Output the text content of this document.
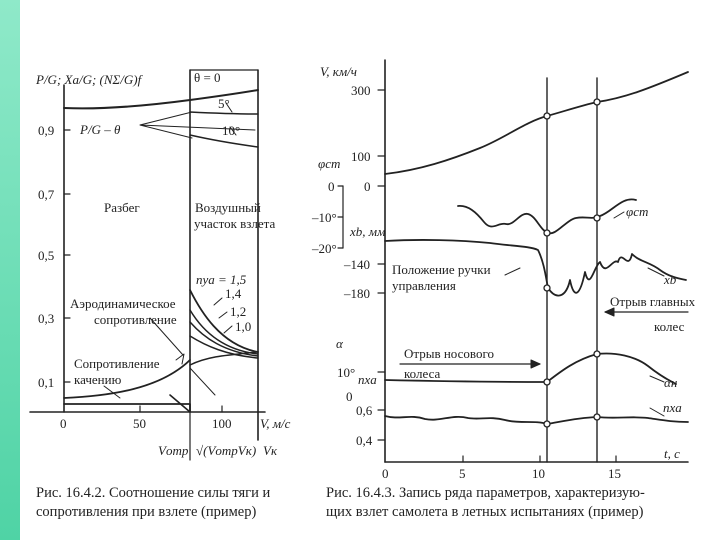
P/G; Xa/G; (NΣ/G)f	θ = 0
5°
10°
P/G – θ
0,9
0,7
0,5
0,3
0,1
0	50	100 V, м/с
Разбег	Воздушный
участок взлета
nya = 1,5
1,4
1,2
1,0
Аэродинамическое
сопротивление
Сопротивление
качению
Vотр √(VотрVк) Vк
V, км/ч
300
100
0
φст
0
–10°
–20°
φст
xb, мм
–140
–180
xb
Положение ручки
управления
Отрыв главных
колес
Отрыв носового
колеса
α
10°
0
αн
nxa
0,6
0,4
nxa
0	5	10	15
t, c
Рис. 16.4.2. Соотношение силы тяги и
сопротивления при взлете (пример)
Рис. 16.4.3. Запись ряда параметров, характеризую-
щих взлет самолета в летных испытаниях (пример)
